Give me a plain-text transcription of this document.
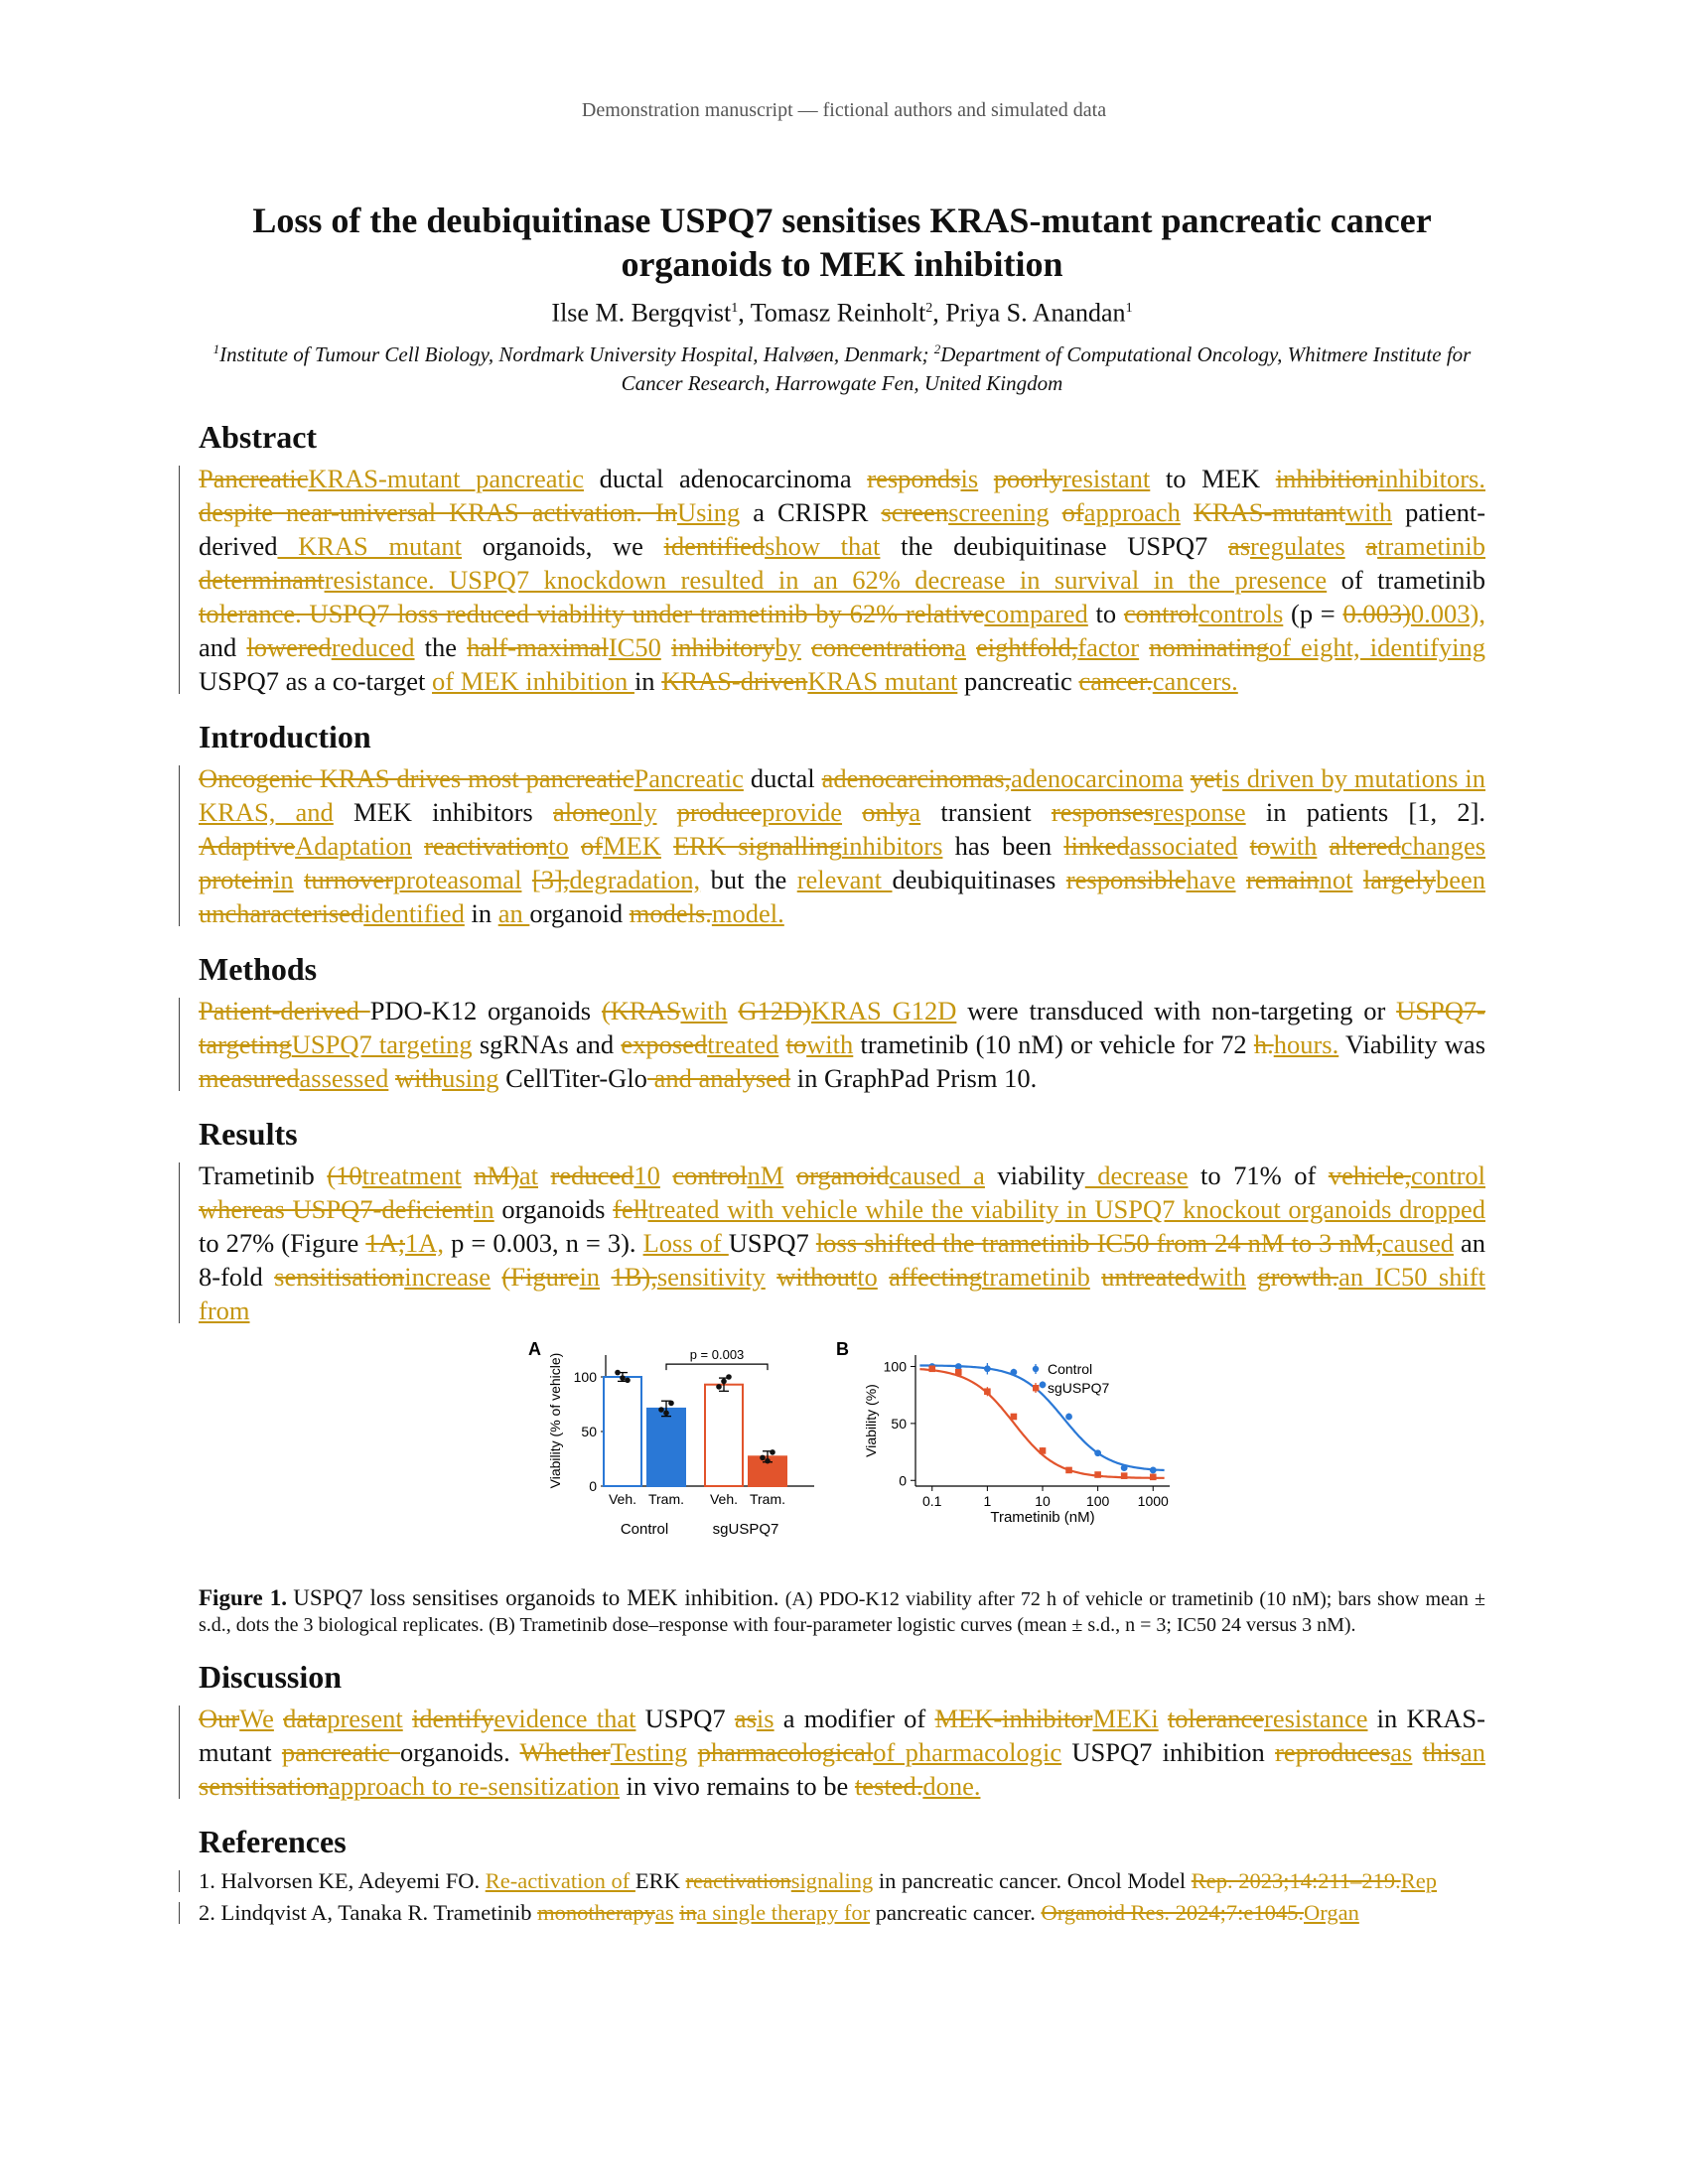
Demonstration manuscript — fictional authors and simulated data
Loss of the deubiquitinase USPQ7 sensitises KRAS-mutant pancreatic cancer organoids to MEK inhibition
Ilse M. Bergqvist$^1$, Tomasz Reinholt$^2$, Priya S. Anandan$^1$
$^1$Institute of Tumour Cell Biology, Nordmark University Hospital, Halvøen, Denmark; $^2$Department of Computational Oncology, Whitmere Institute for Cancer Research, Harrowgate Fen, United Kingdom
Abstract
PancreaticKRAS-mutant pancreatic ductal adenocarcinoma respondsis poorlyresistant to MEK inhibitioninhibitors. despite near-universal KRAS activation. InUsing a CRISPR screenscreening ofapproach KRAS-mutantwith patient-derived KRAS mutant organoids, we identifiedshow that the deubiquitinase USPQ7 asregulates atrametinib determinantresistance. USPQ7 knockdown resulted in an 62% decrease in survival in the presence of trametinib tolerance. USPQ7 loss reduced viability under trametinib by 62% relativecompared to controlcontrols (p = 0.003)0.003), and loweredreduced the half-maximalIC50 inhibitoryby concentrationa eightfold,factor nominatingof eight, identifying USPQ7 as a co-target of MEK inhibition in KRAS-drivenKRAS mutant pancreatic cancer.cancers.
Introduction
Oncogenic KRAS drives most pancreaticPancreatic ductal adenocarcinomas,adenocarcinoma yetis driven by mutations in KRAS, and MEK inhibitors aloneonly produceprovide onlya transient responsesresponse in patients [1, 2]. AdaptiveAdaptation reactivationto ofMEK ERK signallinginhibitors has been linkedassociated towith alteredchanges proteinin turnoverproteasomal [3],degradation, but the relevant deubiquitinases responsiblehave remainnot largelybeen uncharacterisedidentified in an organoid models.model.
Methods
Patient-derived PDO-K12 organoids (KRASwith G12D)KRAS G12D were transduced with non-targeting or USPQ7-targetingUSPQ7 targeting sgRNAs and exposedtreated towith trametinib (10 nM) or vehicle for 72 h.hours. Viability was measuredassessed withusing CellTiter-Glo and analysed in GraphPad Prism 10.
Results
Trametinib (10treatment nM)at reduced10 controlnM organoidcaused a viability decrease to 71% of vehicle,control whereas USPQ7-deficientin organoids felltreated with vehicle while the viability in USPQ7 knockout organoids dropped to 27% (Figure 1A;1A, p = 0.003, n = 3). Loss of USPQ7 loss shifted the trametinib IC50 from 24 nM to 3 nM,caused an 8-fold sensitisationincrease (Figurein 1B),sensitivity withoutto affectingtrametinib untreatedwith growth.an IC50 shift from
A
0
50
100
Viability (% of vehicle)
Veh. Tram. Veh. Tram.
Control	sgUSPQ7
p = 0.003	B
0
50
100
0.1	1	10	100 1000
Viability (%)
Trametinib (nM)
Control
sgUSPQ7
Figure 1. USPQ7 loss sensitises organoids to MEK inhibition. (A) PDO-K12 viability after 72 h of vehicle or trametinib (10 nM); bars show mean ± s.d., dots the 3 biological replicates. (B) Trametinib dose–response with four-parameter logistic curves (mean ± s.d., n = 3; IC50 24 versus 3 nM).
Discussion
OurWe datapresent identifyevidence that USPQ7 asis a modifier of MEK-inhibitorMEKi toleranceresistance in KRAS-mutant pancreatic organoids. WhetherTesting pharmacologicalof pharmacologic USPQ7 inhibition reproducesas thisan sensitisationapproach to re-sensitization in vivo remains to be tested.done.
References
1. Halvorsen KE, Adeyemi FO. Re-activation of ERK reactivationsignaling in pancreatic cancer. Oncol Model Rep. 2023;14:211–219.Rep
2. Lindqvist A, Tanaka R. Trametinib monotherapyas ina single therapy for pancreatic cancer. Organoid Res. 2024;7:e1045.Organ
